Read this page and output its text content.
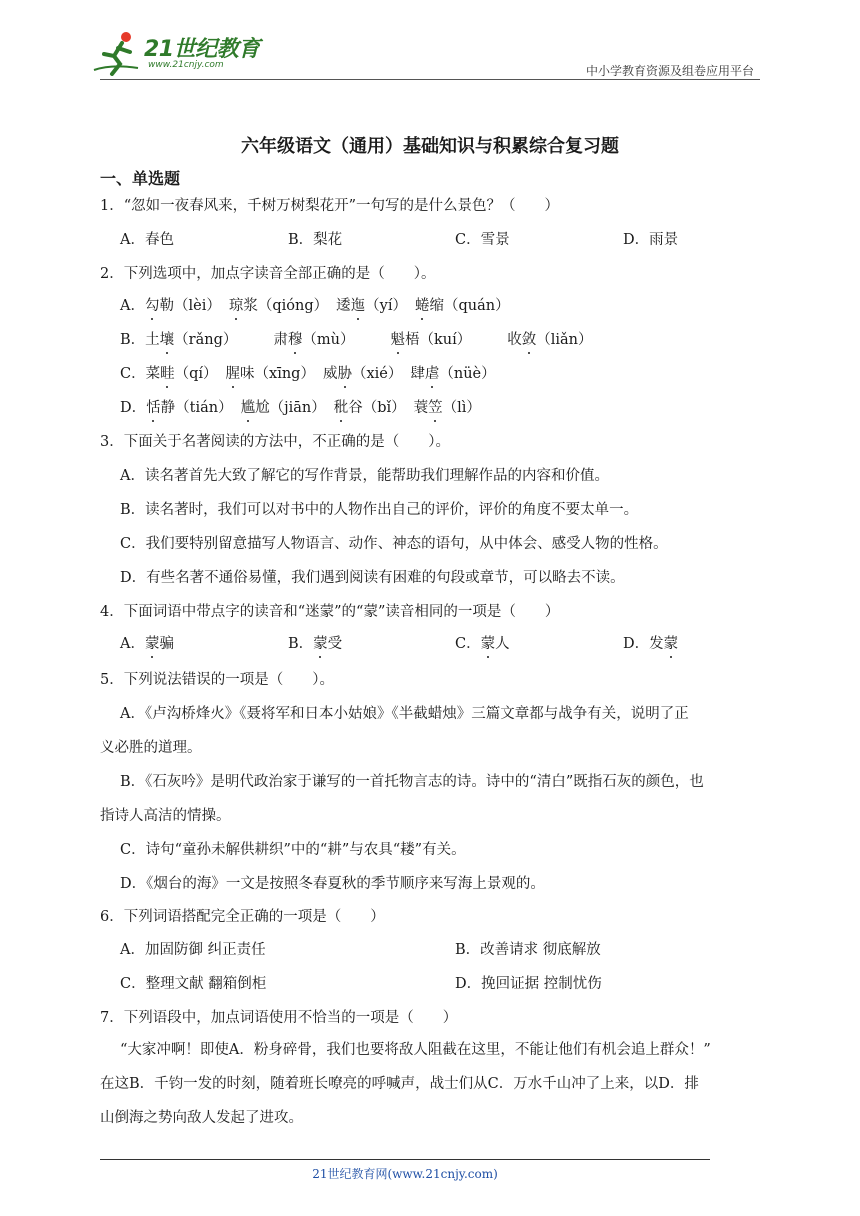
21世纪教育
www.21cnjy.com	中小学教育资源及组卷应用平台
六年级语文（通用）基础知识与积累综合复习题
一、单选题
1．“忽如一夜春风来，千树万树梨花开”一句写的是什么景色？（　　）
A．春色	B．梨花	C．雪景	D．雨景
2．下列选项中，加点字读音全部正确的是（　　）。
A．勾勒（lèi） 琼浆（qióng） 逶迤（yí） 蜷缩（quán）
B．土壤（rǎng） 肃穆（mù） 魁梧（kuí） 收敛（liǎn）
C．菜畦（qí） 腥味（xīng） 威胁（xié） 肆虐（nüè）
D．恬静（tián） 尴尬（jiān） 秕谷（bǐ） 蓑笠（lì）
3．下面关于名著阅读的方法中，不正确的是（　　）。
A．读名著首先大致了解它的写作背景，能帮助我们理解作品的内容和价值。
B．读名著时，我们可以对书中的人物作出自己的评价，评价的角度不要太单一。
C．我们要特别留意描写人物语言、动作、神态的语句，从中体会、感受人物的性格。
D．有些名著不通俗易懂，我们遇到阅读有困难的句段或章节，可以略去不读。
4．下面词语中带点字的读音和“迷蒙”的“蒙”读音相同的一项是（　　）
A．蒙骗	B．蒙受	C．蒙人	D．发蒙
5．下列说法错误的一项是（　　）。
A．《卢沟桥烽火》《聂将军和日本小姑娘》《半截蜡烛》三篇文章都与战争有关，说明了正
义必胜的道理。
B．《石灰吟》是明代政治家于谦写的一首托物言志的诗。诗中的“清白”既指石灰的颜色，也
指诗人高洁的情操。
C．诗句“童孙未解供耕织”中的“耕”与农具“耧”有关。
D．《烟台的海》一文是按照冬春夏秋的季节顺序来写海上景观的。
6．下列词语搭配完全正确的一项是（　　）
A．加固防御 纠正责任	B．改善请求 彻底解放
C．整理文献 翻箱倒柜	D．挽回证据 控制忧伤
7．下列语段中，加点词语使用不恰当的一项是（　　）
“大家冲啊！即使A．粉身碎骨，我们也要将敌人阻截在这里，不能让他们有机会追上群众！”
在这B．千钧一发的时刻，随着班长嘹亮的呼喊声，战士们从C．万水千山冲了上来，以D．排
山倒海之势向敌人发起了进攻。
21世纪教育网(www.21cnjy.com)
